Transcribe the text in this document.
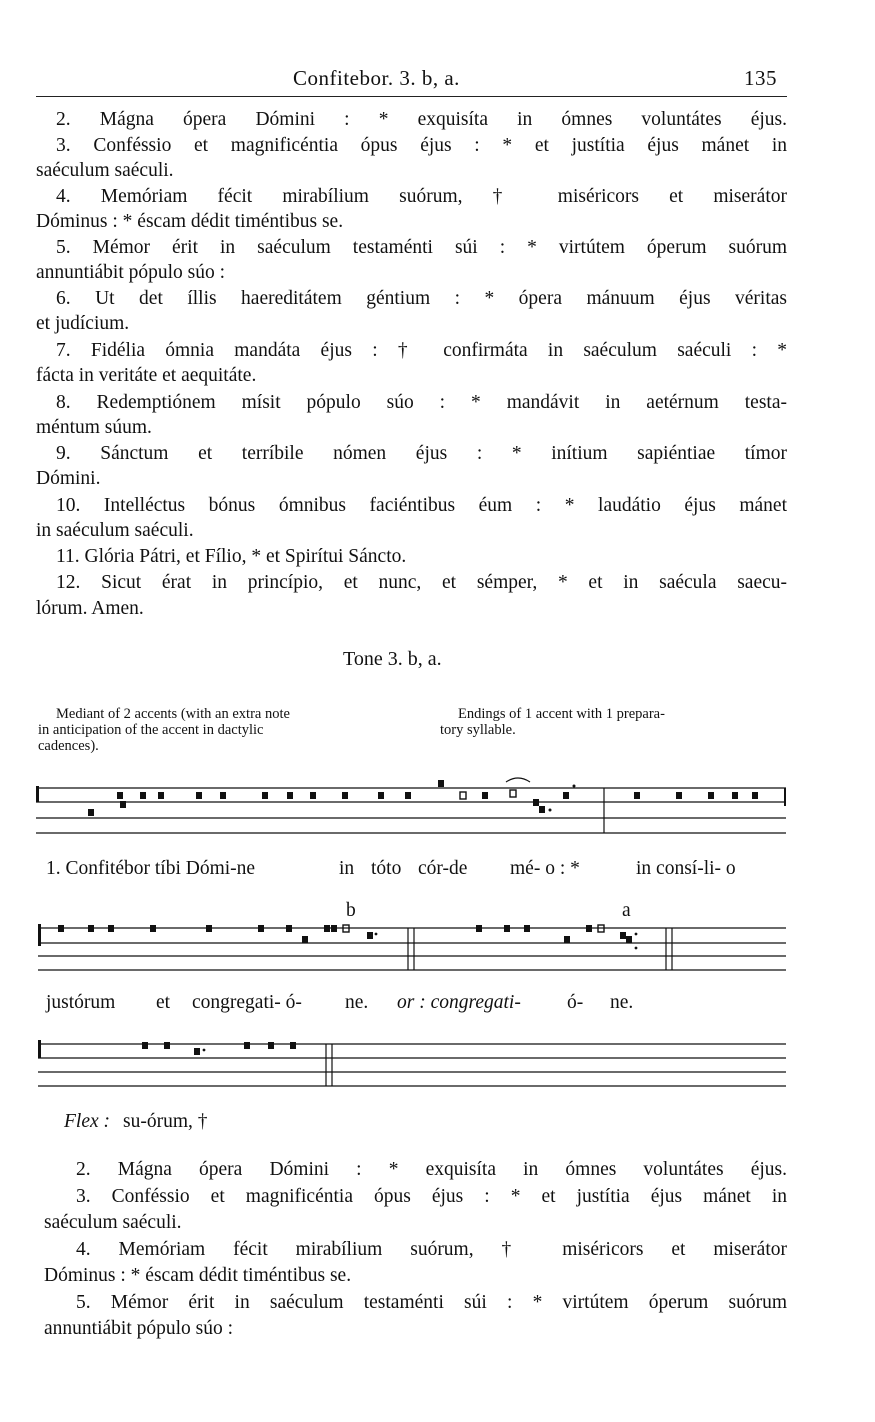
Confitebor. 3. b, a.	135
2. Mágna ópera Dómini : * exquisíta in ómnes voluntátes éjus.
3. Conféssio et magnificéntia ópus éjus : * et justítia éjus mánet in
saéculum saéculi.
4. Memóriam fécit mirabílium suórum, † miséricors et miserátor
Dóminus : * éscam dédit timéntibus se.
5. Mémor érit in saéculum testaménti súi : * virtútem óperum suórum
annuntiábit pópulo súo :
6. Ut det íllis haereditátem géntium : * ópera mánuum éjus véritas
et judícium.
7. Fidélia ómnia mandáta éjus : † confirmáta in saéculum saéculi : *
fácta in veritáte et aequitáte.
8. Redemptiónem mísit pópulo súo : * mandávit in aetérnum testa-
méntum súum.
9. Sánctum et terríbile nómen éjus : * inítium sapiéntiae tímor
Dómini.
10. Intelléctus bónus ómnibus faciéntibus éum : * laudátio éjus mánet
in saéculum saéculi.
11. Glória Pátri, et Fílio, * et Spirítui Sáncto.
12. Sicut érat in princípio, et nunc, et sémper, * et in saécula saecu-
lórum. Amen.
Tone 3. b, a.
Mediant of 2 accents (with an extra note
in anticipation of the accent in dactylic
cadences).
Endings of 1 accent with 1 prepara-
tory syllable.
1. Confitébor tíbi Dómi-ne	in tóto cór-de mé- o : *	in consí-li- o
b	a
justórum et congregati- ó- ne. or : congregati- ó- ne.
Flex : su-órum, †
2. Mágna ópera Dómini : * exquisíta in ómnes voluntátes éjus.
3. Conféssio et magnificéntia ópus éjus : * et justítia éjus mánet in
saéculum saéculi.
4. Memóriam fécit mirabílium suórum, † miséricors et miserátor
Dóminus : * éscam dédit timéntibus se.
5. Mémor érit in saéculum testaménti súi : * virtútem óperum suórum
annuntiábit pópulo súo :
